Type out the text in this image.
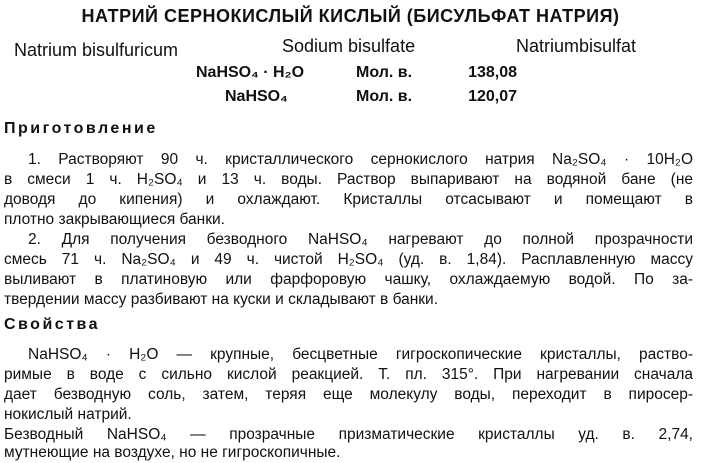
НАТРИЙ СЕРНОКИСЛЫЙ КИСЛЫЙ (БИСУЛЬФАТ НАТРИЯ)
Natrium bisulfuricum	Sodium bisulfate	Natriumbisulfat
NaHSO₄ · H₂O	Мол. в.	138,08
NaHSO₄	Мол. в.	120,07
Приготовление
1. Растворяют 90 ч. кристаллического сернокислого натрия Na₂SO₄ · 10H₂O
в смеси 1 ч. H₂SO₄ и 13 ч. воды. Раствор выпаривают на водяной бане (не
доводя до кипения) и охлаждают. Кристаллы отсасывают и помещают в
плотно закрывающиеся банки.
2. Для получения безводного NaHSO₄ нагревают до полной прозрачности
смесь 71 ч. Na₂SO₄ и 49 ч. чистой H₂SO₄ (уд. в. 1,84). Расплавленную массу
выливают в платиновую или фарфоровую чашку, охлаждаемую водой. По за-
твердении массу разбивают на куски и складывают в банки.
Свойства
NaHSO₄ · H₂O — крупные, бесцветные гигроскопические кристаллы, раство-
римые в воде с сильно кислой реакцией. Т. пл. 315°. При нагревании сначала
дает безводную соль, затем, теряя еще молекулу воды, переходит в пиросер-
нокислый натрий.
Безводный NaHSO₄ — прозрачные призматические кристаллы уд. в. 2,74,
мутнеющие на воздухе, но не гигроскопичные.
